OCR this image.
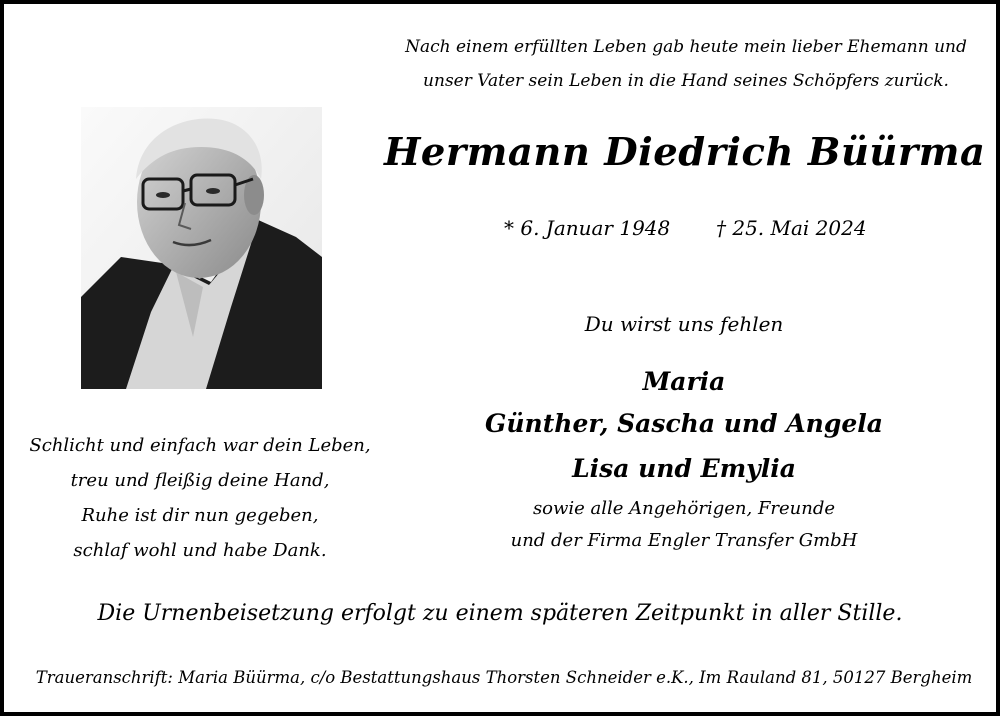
Nach einem erfüllten Leben gab heute mein lieber Ehemann und
unser Vater sein Leben in die Hand seines Schöpfers zurück.
Hermann Diedrich Büürma
* 6. Januar 1948 † 25. Mai 2024
Du wirst uns fehlen
Maria
Günther, Sascha und Angela
Lisa und Emylia
sowie alle Angehörigen, Freunde
und der Firma Engler Transfer GmbH
Schlicht und einfach war dein Leben,
treu und fleißig deine Hand,
Ruhe ist dir nun gegeben,
schlaf wohl und habe Dank.
Die Urnenbeisetzung erfolgt zu einem späteren Zeitpunkt in aller Stille.
Traueranschrift: Maria Büürma, c/o Bestattungshaus Thorsten Schneider e.K., Im Rauland 81, 50127 Bergheim
